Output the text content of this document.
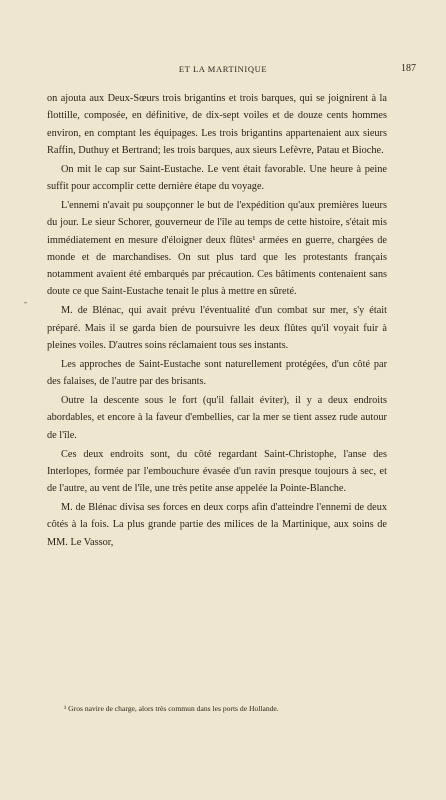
ET LA MARTINIQUE	187
-

on ajouta aux Deux-Sœurs trois brigantins et trois barques, qui se joignirent à la flottille, composée, en définitive, de dix-sept voiles et de douze cents hommes environ, en comptant les équipages. Les trois brigantins appartenaient aux sieurs Raffin, Duthuy et Bertrand; les trois barques, aux sieurs Lefèvre, Patau et Bioche.

On mit le cap sur Saint-Eustache. Le vent était favorable. Une heure à peine suffit pour accomplir cette dernière étape du voyage.

L'ennemi n'avait pu soupçonner le but de l'expédition qu'aux premières lueurs du jour. Le sieur Schorer, gouverneur de l'île au temps de cette histoire, s'était mis immédiatement en mesure d'éloigner deux flûtes¹ armées en guerre, chargées de monde et de marchandises. On sut plus tard que les protestants français notamment avaient été embarqués par précaution. Ces bâtiments contenaient sans doute ce que Saint-Eustache tenait le plus à mettre en sûreté.

M. de Blénac, qui avait prévu l'éventualité d'un combat sur mer, s'y était préparé. Mais il se garda bien de poursuivre les deux flûtes qu'il voyait fuir à pleines voiles. D'autres soins réclamaient tous ses instants.

Les approches de Saint-Eustache sont naturellement protégées, d'un côté par des falaises, de l'autre par des brisants.

Outre la descente sous le fort (qu'il fallait éviter), il y a deux endroits abordables, et encore à la faveur d'embellies, car la mer se tient assez rude autour de l'île.

Ces deux endroits sont, du côté regardant Saint-Christophe, l'anse des Interlopes, formée par l'embouchure évasée d'un ravin presque toujours à sec, et de l'autre, au vent de l'île, une très petite anse appelée la Pointe-Blanche.

M. de Blénac divisa ses forces en deux corps afin d'atteindre l'ennemi de deux côtés à la fois. La plus grande partie des milices de la Martinique, aux soins de MM. Le Vassor,

¹ Gros navire de charge, alors très commun dans les ports de Hollande.
